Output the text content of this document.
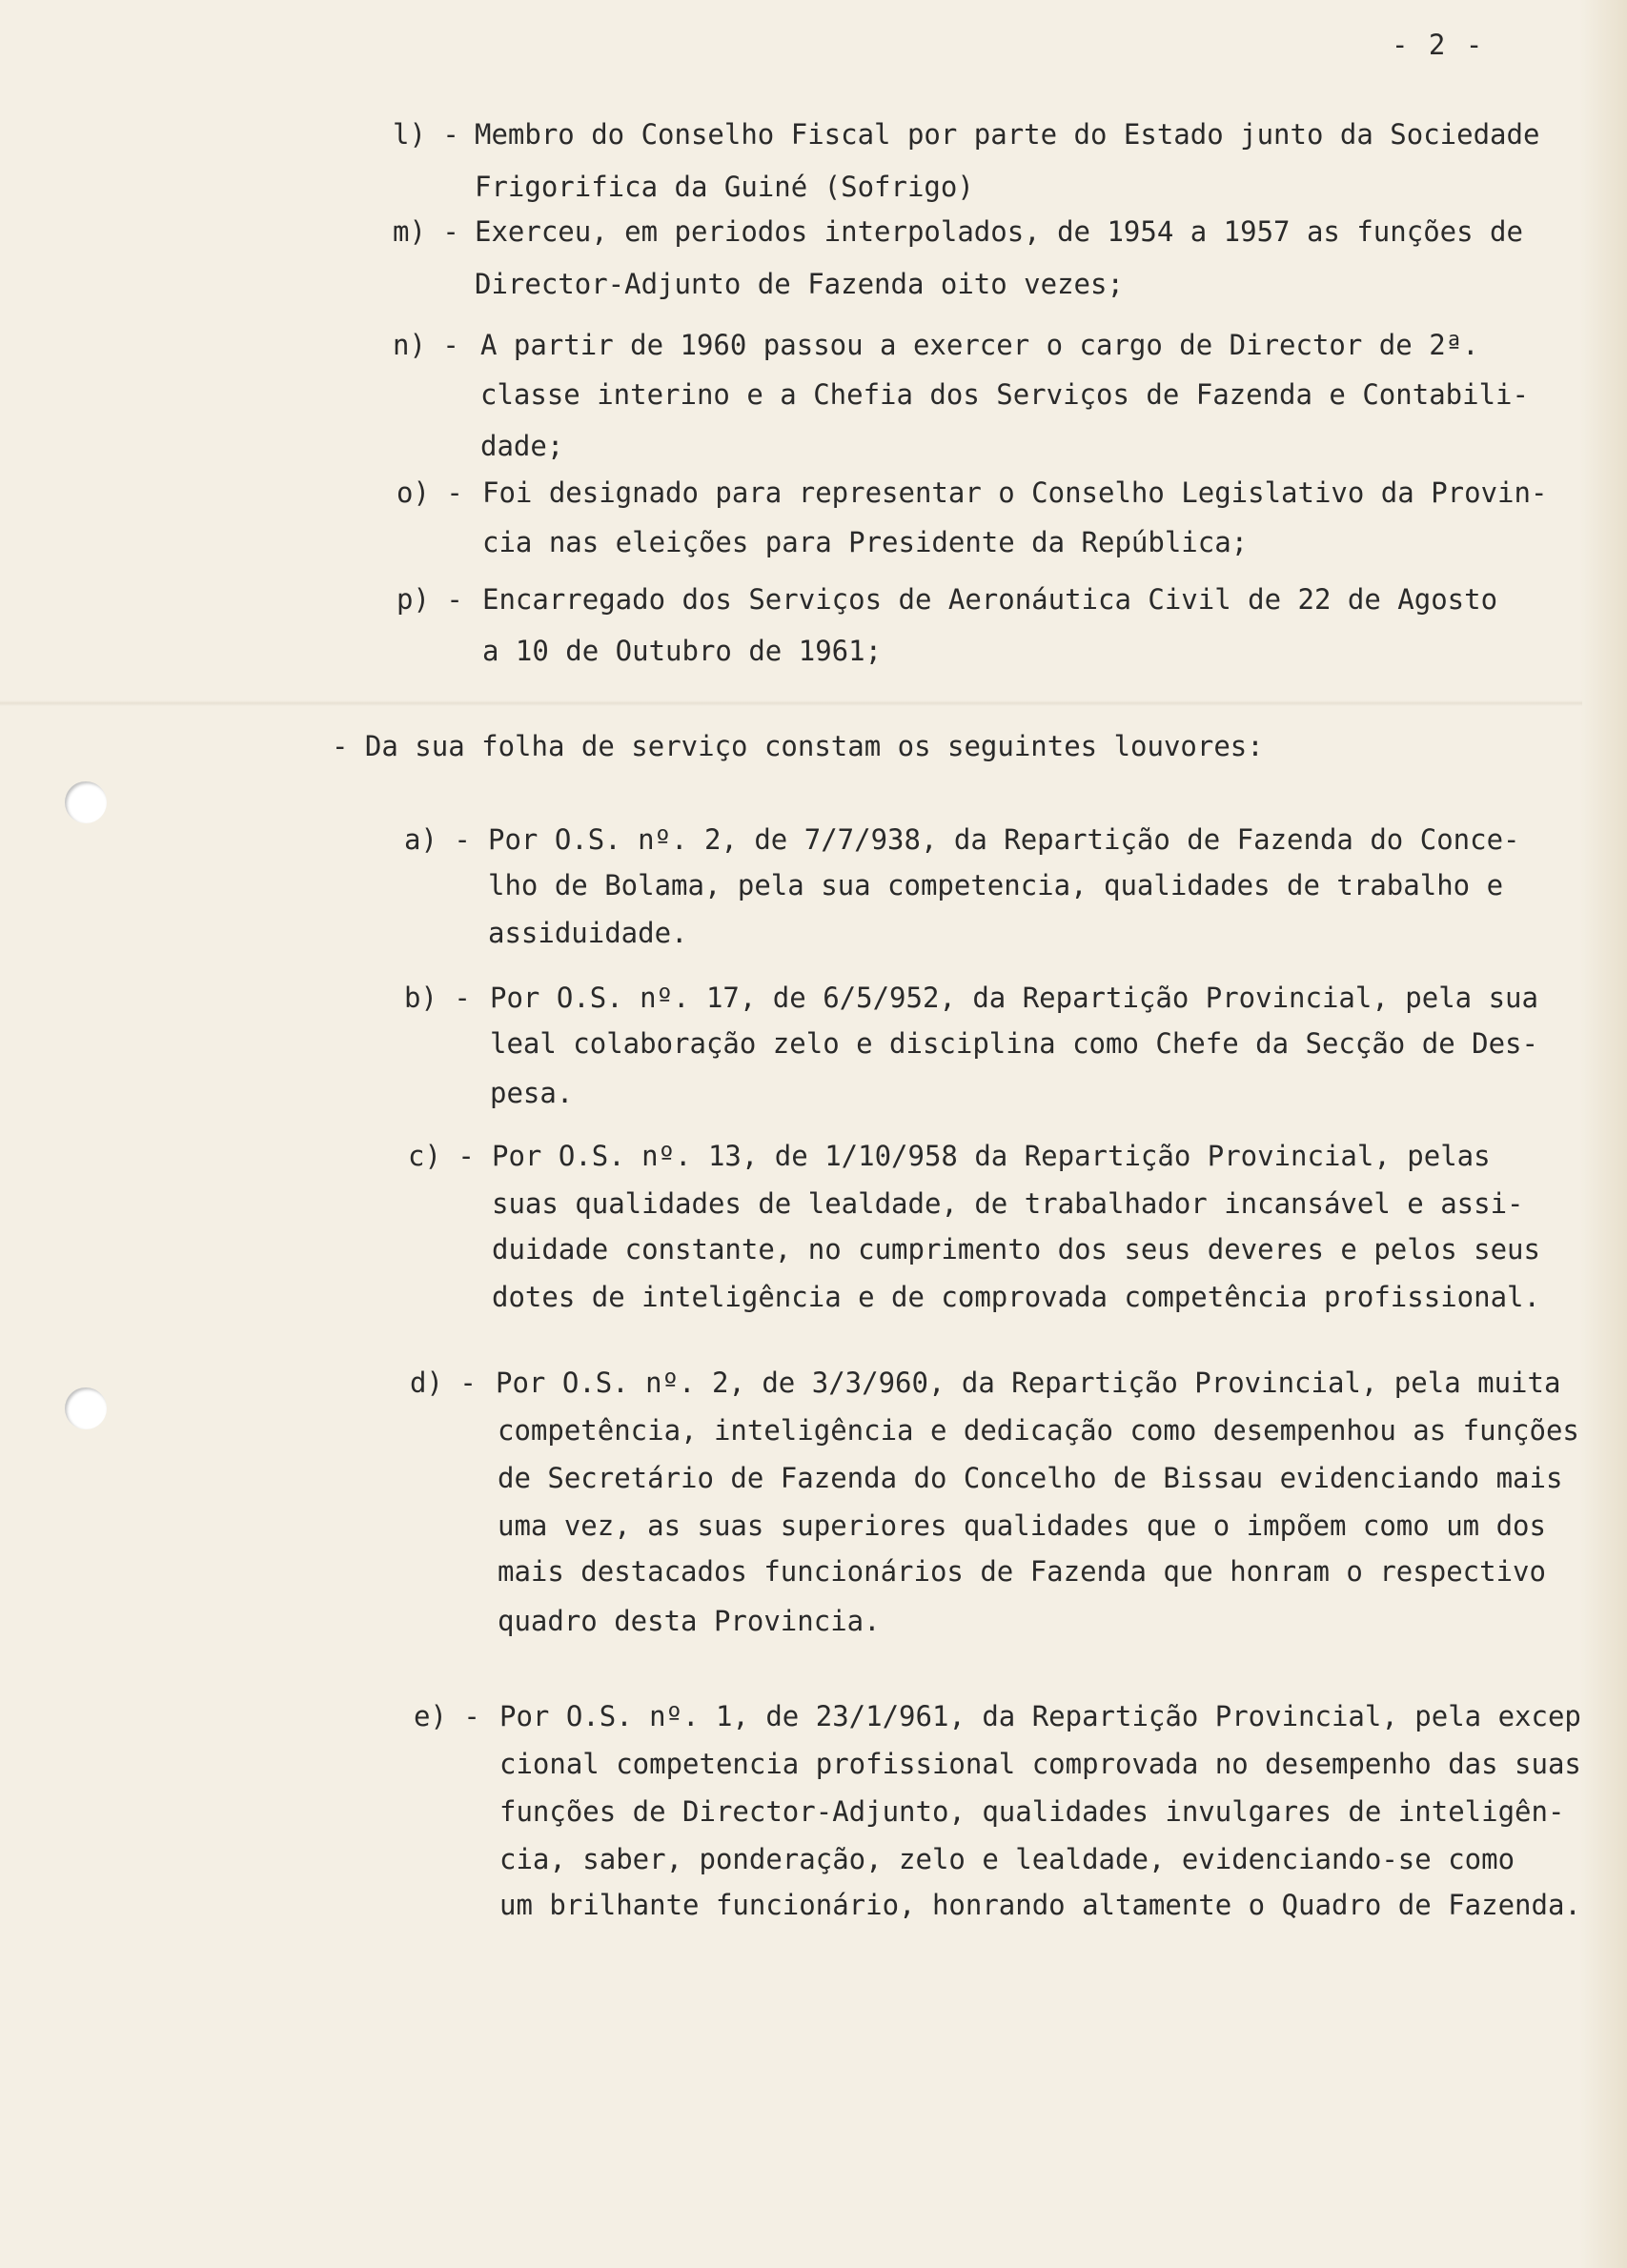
- 2 -
l) - Membro do Conselho Fiscal por parte do Estado junto da Sociedade
Frigorifica da Guiné (Sofrigo)
m) - Exerceu, em periodos interpolados, de 1954 a 1957 as funções de
Director-Adjunto de Fazenda oito vezes;
n) - A partir de 1960 passou a exercer o cargo de Director de 2ª.
classe interino e a Chefia dos Serviços de Fazenda e Contabili-
dade;
o) - Foi designado para representar o Conselho Legislativo da Provin-
cia nas eleições para Presidente da República;
p) - Encarregado dos Serviços de Aeronáutica Civil de 22 de Agosto
a 10 de Outubro de 1961;
- Da sua folha de serviço constam os seguintes louvores:
a) - Por O.S. nº. 2, de 7/7/938, da Repartição de Fazenda do Conce-
lho de Bolama, pela sua competencia, qualidades de trabalho e
assiduidade.
b) - Por O.S. nº. 17, de 6/5/952, da Repartição Provincial, pela sua
leal colaboração zelo e disciplina como Chefe da Secção de Des-
pesa.
c) - Por O.S. nº. 13, de 1/10/958 da Repartição Provincial, pelas
suas qualidades de lealdade, de trabalhador incansável e assi-
duidade constante, no cumprimento dos seus deveres e pelos seus
dotes de inteligência e de comprovada competência profissional.
d) - Por O.S. nº. 2, de 3/3/960, da Repartição Provincial, pela muita
competência, inteligência e dedicação como desempenhou as funções
de Secretário de Fazenda do Concelho de Bissau evidenciando mais
uma vez, as suas superiores qualidades que o impõem como um dos
mais destacados funcionários de Fazenda que honram o respectivo
quadro desta Provincia.
e) - Por O.S. nº. 1, de 23/1/961, da Repartição Provincial, pela excep
cional competencia profissional comprovada no desempenho das suas
funções de Director-Adjunto, qualidades invulgares de inteligên-
cia, saber, ponderação, zelo e lealdade, evidenciando-se como
um brilhante funcionário, honrando altamente o Quadro de Fazenda.
